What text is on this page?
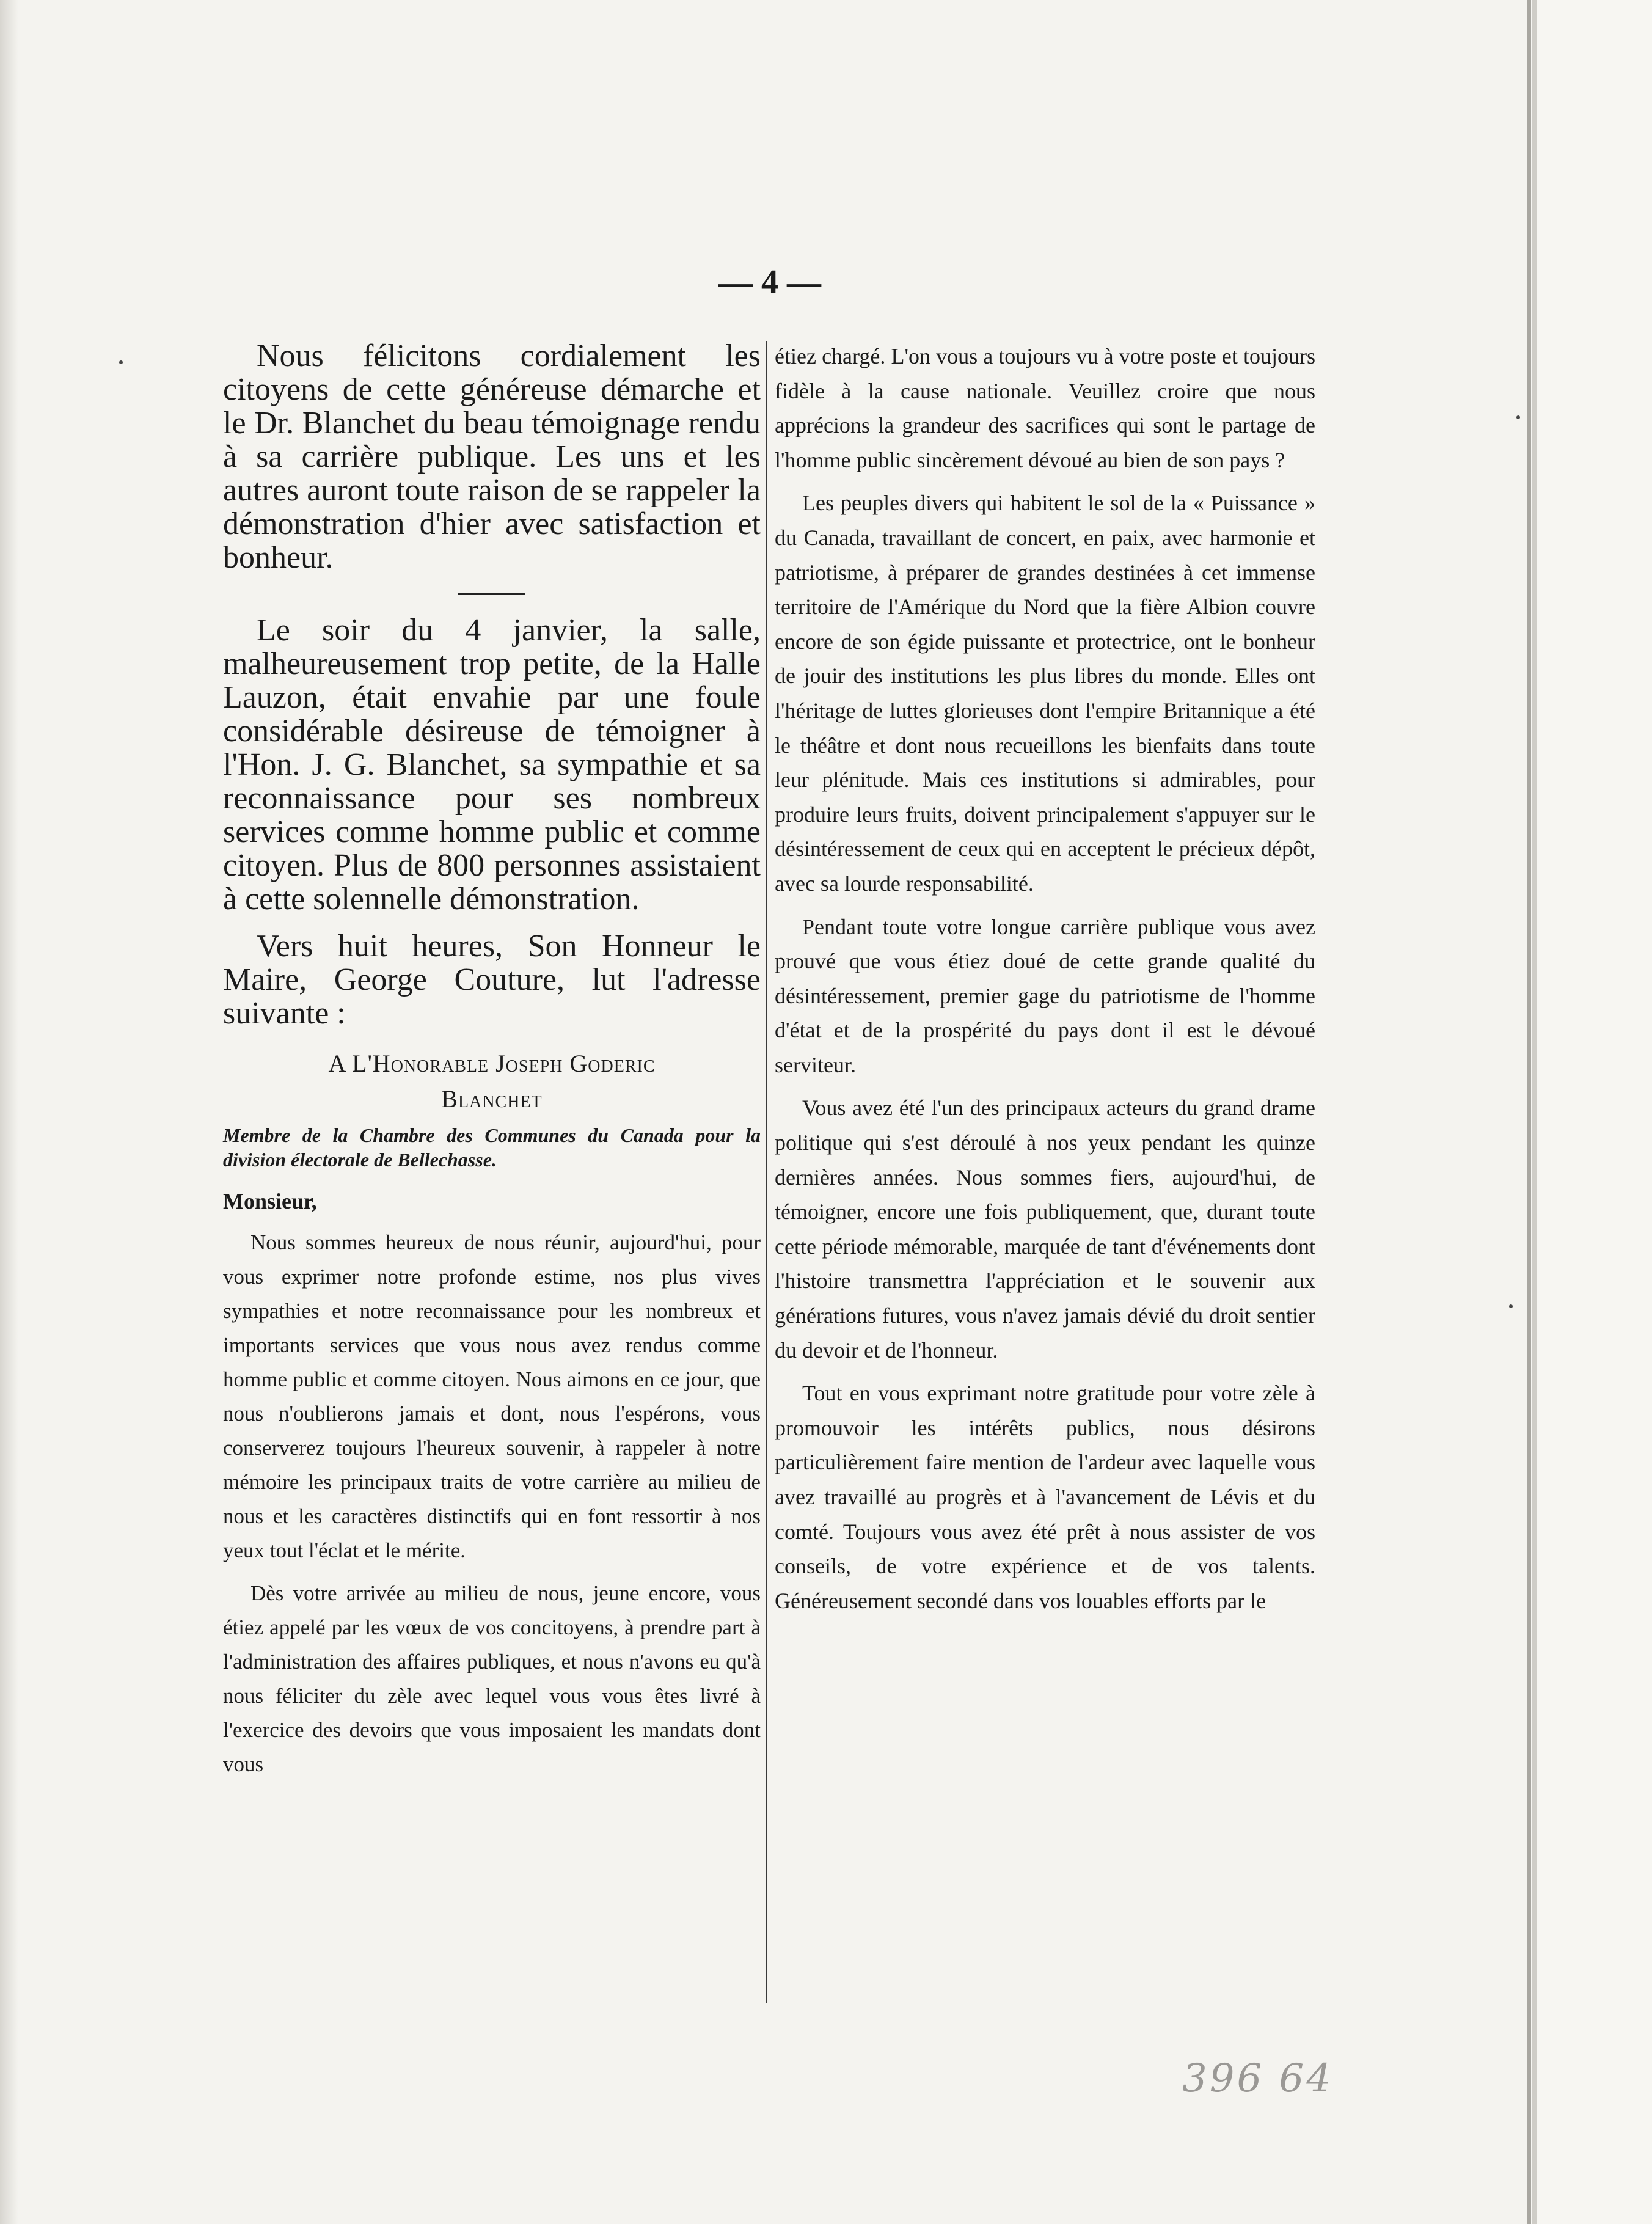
— 4 —

Nous félicitons cordialement les citoyens de cette généreuse démarche et le Dr. Blanchet du beau témoignage rendu à sa carrière publique. Les uns et les autres auront toute raison de se rappeler la démonstration d'hier avec satisfaction et bonheur.

Le soir du 4 janvier, la salle, malheureusement trop petite, de la Halle Lauzon, était envahie par une foule considérable désireuse de témoigner à l'Hon. J. G. Blanchet, sa sympathie et sa reconnaissance pour ses nombreux services comme homme public et comme citoyen. Plus de 800 personnes assistaient à cette solennelle démonstration.

Vers huit heures, Son Honneur le Maire, George Couture, lut l'adresse suivante :

A L'Honorable Joseph Goderic
Blanchet

Membre de la Chambre des Communes du Canada pour la division électorale de Bellechasse.

Monsieur,

Nous sommes heureux de nous réunir, aujourd'hui, pour vous exprimer notre profonde estime, nos plus vives sympathies et notre reconnaissance pour les nombreux et importants services que vous nous avez rendus comme homme public et comme citoyen. Nous aimons en ce jour, que nous n'oublierons jamais et dont, nous l'espérons, vous conserverez toujours l'heureux souvenir, à rappeler à notre mémoire les principaux traits de votre carrière au milieu de nous et les caractères distinctifs qui en font ressortir à nos yeux tout l'éclat et le mérite.

Dès votre arrivée au milieu de nous, jeune encore, vous étiez appelé par les vœux de vos concitoyens, à prendre part à l'administration des affaires publiques, et nous n'avons eu qu'à nous féliciter du zèle avec lequel vous vous êtes livré à l'exercice des devoirs que vous imposaient les mandats dont vous

étiez chargé. L'on vous a toujours vu à votre poste et toujours fidèle à la cause nationale. Veuillez croire que nous apprécions la grandeur des sacrifices qui sont le partage de l'homme public sincèrement dévoué au bien de son pays ?

Les peuples divers qui habitent le sol de la « Puissance » du Canada, travaillant de concert, en paix, avec harmonie et patriotisme, à préparer de grandes destinées à cet immense territoire de l'Amérique du Nord que la fière Albion couvre encore de son égide puissante et protectrice, ont le bonheur de jouir des institutions les plus libres du monde. Elles ont l'héritage de luttes glorieuses dont l'empire Britannique a été le théâtre et dont nous recueillons les bienfaits dans toute leur plénitude. Mais ces institutions si admirables, pour produire leurs fruits, doivent principalement s'appuyer sur le désintéressement de ceux qui en acceptent le précieux dépôt, avec sa lourde responsabilité.

Pendant toute votre longue carrière publique vous avez prouvé que vous étiez doué de cette grande qualité du désintéressement, premier gage du patriotisme de l'homme d'état et de la prospérité du pays dont il est le dévoué serviteur.

Vous avez été l'un des principaux acteurs du grand drame politique qui s'est déroulé à nos yeux pendant les quinze dernières années. Nous sommes fiers, aujourd'hui, de témoigner, encore une fois publiquement, que, durant toute cette période mémorable, marquée de tant d'événements dont l'histoire transmettra l'appréciation et le souvenir aux générations futures, vous n'avez jamais dévié du droit sentier du devoir et de l'honneur.

Tout en vous exprimant notre gratitude pour votre zèle à promouvoir les intérêts publics, nous désirons particulièrement faire mention de l'ardeur avec laquelle vous avez travaillé au progrès et à l'avancement de Lévis et du comté. Toujours vous avez été prêt à nous assister de vos conseils, de votre expérience et de vos talents. Généreusement secondé dans vos louables efforts par le

396 64
